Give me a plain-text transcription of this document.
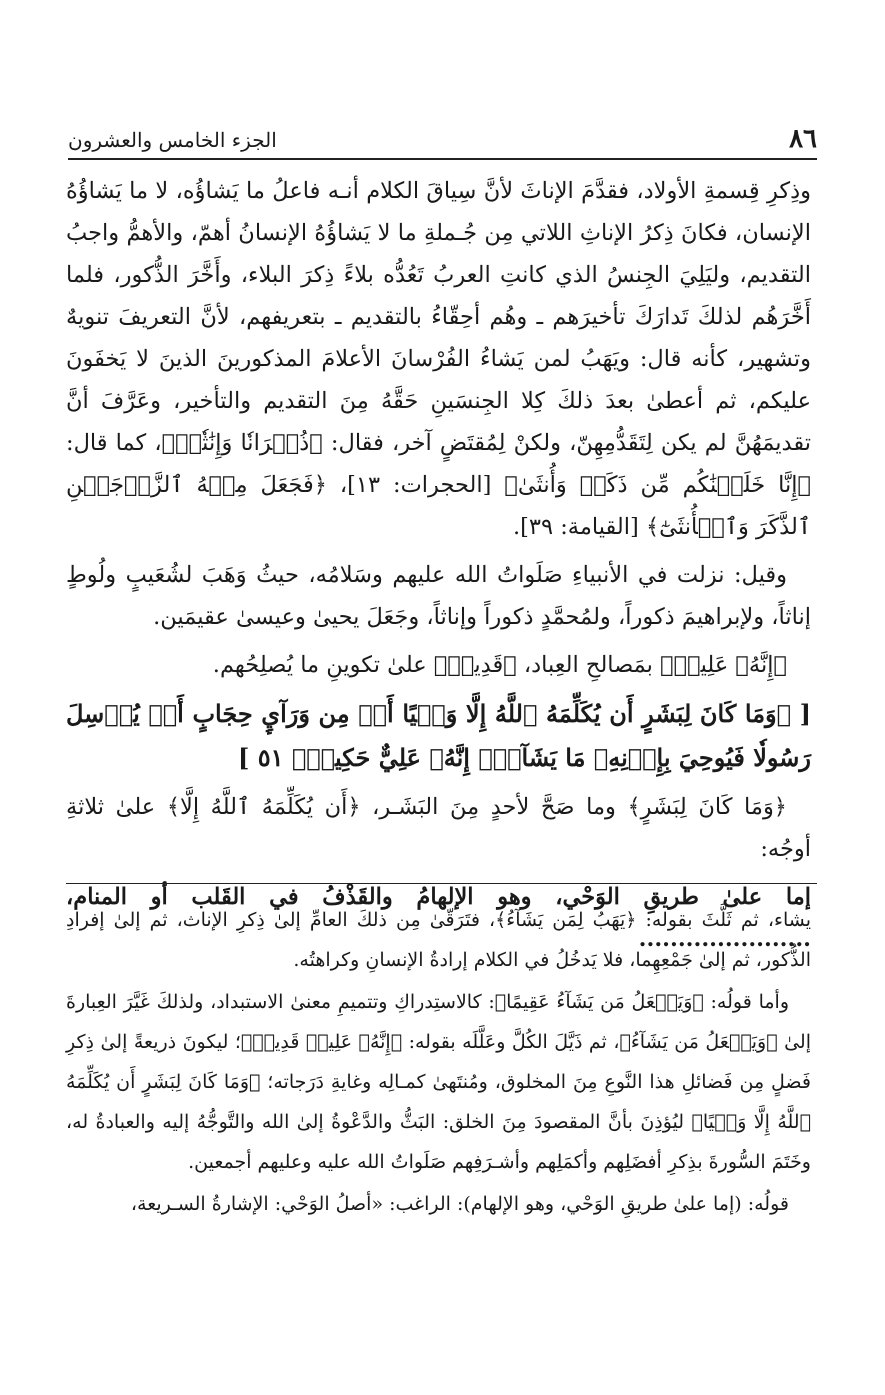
٨٦
الجزء الخامس والعشرون

وذِكرِ قِسمةِ الأولاد، فقدَّمَ الإناثَ لأنَّ سِياقَ الكلام أنـه فاعلُ ما يَشاؤُه، لا ما يَشاؤُهُ الإنسان، فكانَ ذِكرُ الإناثِ اللاتي مِن جُـملةِ ما لا يَشاؤُهُ الإنسانُ أهمّ، والأهمُّ واجبُ التقديم، وليَلِيَ الجِنسُ الذي كانتِ العربُ تَعُدُّه بلاءً ذِكرَ البلاء، وأَخَّرَ الذُّكور، فلما أَخَّرَهُم لذلكَ تَدارَكَ تأخيرَهم ـ وهُم أحِقّاءُ بالتقديم ـ بتعريفهم، لأنَّ التعريفَ تنويهٌ وتشهير، كأنه قال: ويَهَبُ لمن يَشاءُ الفُرْسانَ الأعلامَ المذكورينَ الذينَ لا يَخفَونَ عليكم، ثم أعطىٰ بعدَ ذلكَ كِلا الجِنسَينِ حَقَّهُ مِنَ التقديم والتأخير، وعَرَّفَ أنَّ تقديمَهُنَّ لم يكن لِتَقَدُّمِهِنّ، ولكنْ لِمُقتَضٍ آخر، فقال: ﴿ذُكۡرَانٗا وَإِنَٰثٗاۖ﴾، كما قال: ﴿إِنَّا خَلَقۡنَٰكُم مِّن ذَكَرٖ وَأُنثَىٰ﴾ [الحجرات: ١٣]، ﴿فَجَعَلَ مِنۡهُ ٱلزَّوۡجَيۡنِ ٱلذَّكَرَ وَٱلۡأُنثَىٰٓ﴾ [القيامة: ٣٩].

وقيل: نزلت في الأنبياءِ صَلَواتُ الله عليهم وسَلامُه، حيثُ وَهَبَ لشُعَيبٍ ولُوطٍ إناثاً، ولإبراهيمَ ذكوراً، ولمُحمَّدٍ ذكوراً وإناثاً، وجَعَلَ يحيىٰ وعيسىٰ عقيمَين.

﴿إِنَّهُۥ عَلِيمٞ﴾ بمَصالحِ العِباد، ﴿قَدِيرٞ﴾ علىٰ تكوينِ ما يُصلِحُهم.

[ ﴿وَمَا كَانَ لِبَشَرٍ أَن يُكَلِّمَهُ ٱللَّهُ إِلَّا وَحۡيًا أَوۡ مِن وَرَآيِٕ حِجَابٍ أَوۡ يُرۡسِلَ رَسُولٗا فَيُوحِيَ بِإِذۡنِهِۦ مَا يَشَآءُۚ إِنَّهُۥ عَلِيٌّ حَكِيمٞ﴾ ٥١ ]

﴿وَمَا كَانَ لِبَشَرٍ﴾ وما صَحَّ لأحدٍ مِنَ البَشَـر، ﴿أَن يُكَلِّمَهُ ٱللَّهُ إِلَّا﴾ علىٰ ثلاثةِ أوجُه:

إما علىٰ طريقِ الوَحْي، وهو الإلهامُ والقَذْفُ في القَلب أو المنام، ......................

يشاء، ثم ثَلَّثَ بقوله: ﴿يَهَبُ لِمَن يَشَآءُ﴾، فتَرَقّىٰ مِن ذلكَ العامِّ إلىٰ ذِكرِ الإناث، ثم إلىٰ إفرادِ الذُّكور، ثم إلىٰ جَمْعِهِما، فلا يَدخُلُ في الكلام إرادةُ الإنسانِ وكراهتُه.

وأما قولُه: ﴿وَيَجۡعَلُ مَن يَشَآءُ عَقِيمًا﴾: كالاستِدراكِ وتتميمِ معنىٰ الاستبداد، ولذلكَ غَيَّرَ العِبارةَ إلىٰ ﴿وَيَجۡعَلُ مَن يَشَآءُ﴾، ثم ذَيَّلَ الكُلَّ وعَلَّلَه بقوله: ﴿إِنَّهُۥ عَلِيمٞ قَدِيرٞ﴾؛ ليكونَ ذريعةً إلىٰ ذِكرِ فَضلٍ مِن فَضائلِ هذا النَّوعِ مِنَ المخلوق، ومُنتَهىٰ كمـالِه وغايةِ دَرَجاته؛ ﴿وَمَا كَانَ لِبَشَرٍ أَن يُكَلِّمَهُ ٱللَّهُ إِلَّا وَحۡيًا﴾ ليُؤذِنَ بأنَّ المقصودَ مِنَ الخلق: البَثُّ والدَّعْوةُ إلىٰ الله والتَّوجُّهُ إليه والعبادةُ له، وخَتَمَ السُّورةَ بذِكرِ أفضَلِهم وأكمَلِهم وأشـرَفِهم صَلَواتُ الله عليه وعليهم أجمعين.

قولُه: (إما علىٰ طريقِ الوَحْي، وهو الإلهام): الراغب: «أصلُ الوَحْي: الإشارةُ السـريعة،
